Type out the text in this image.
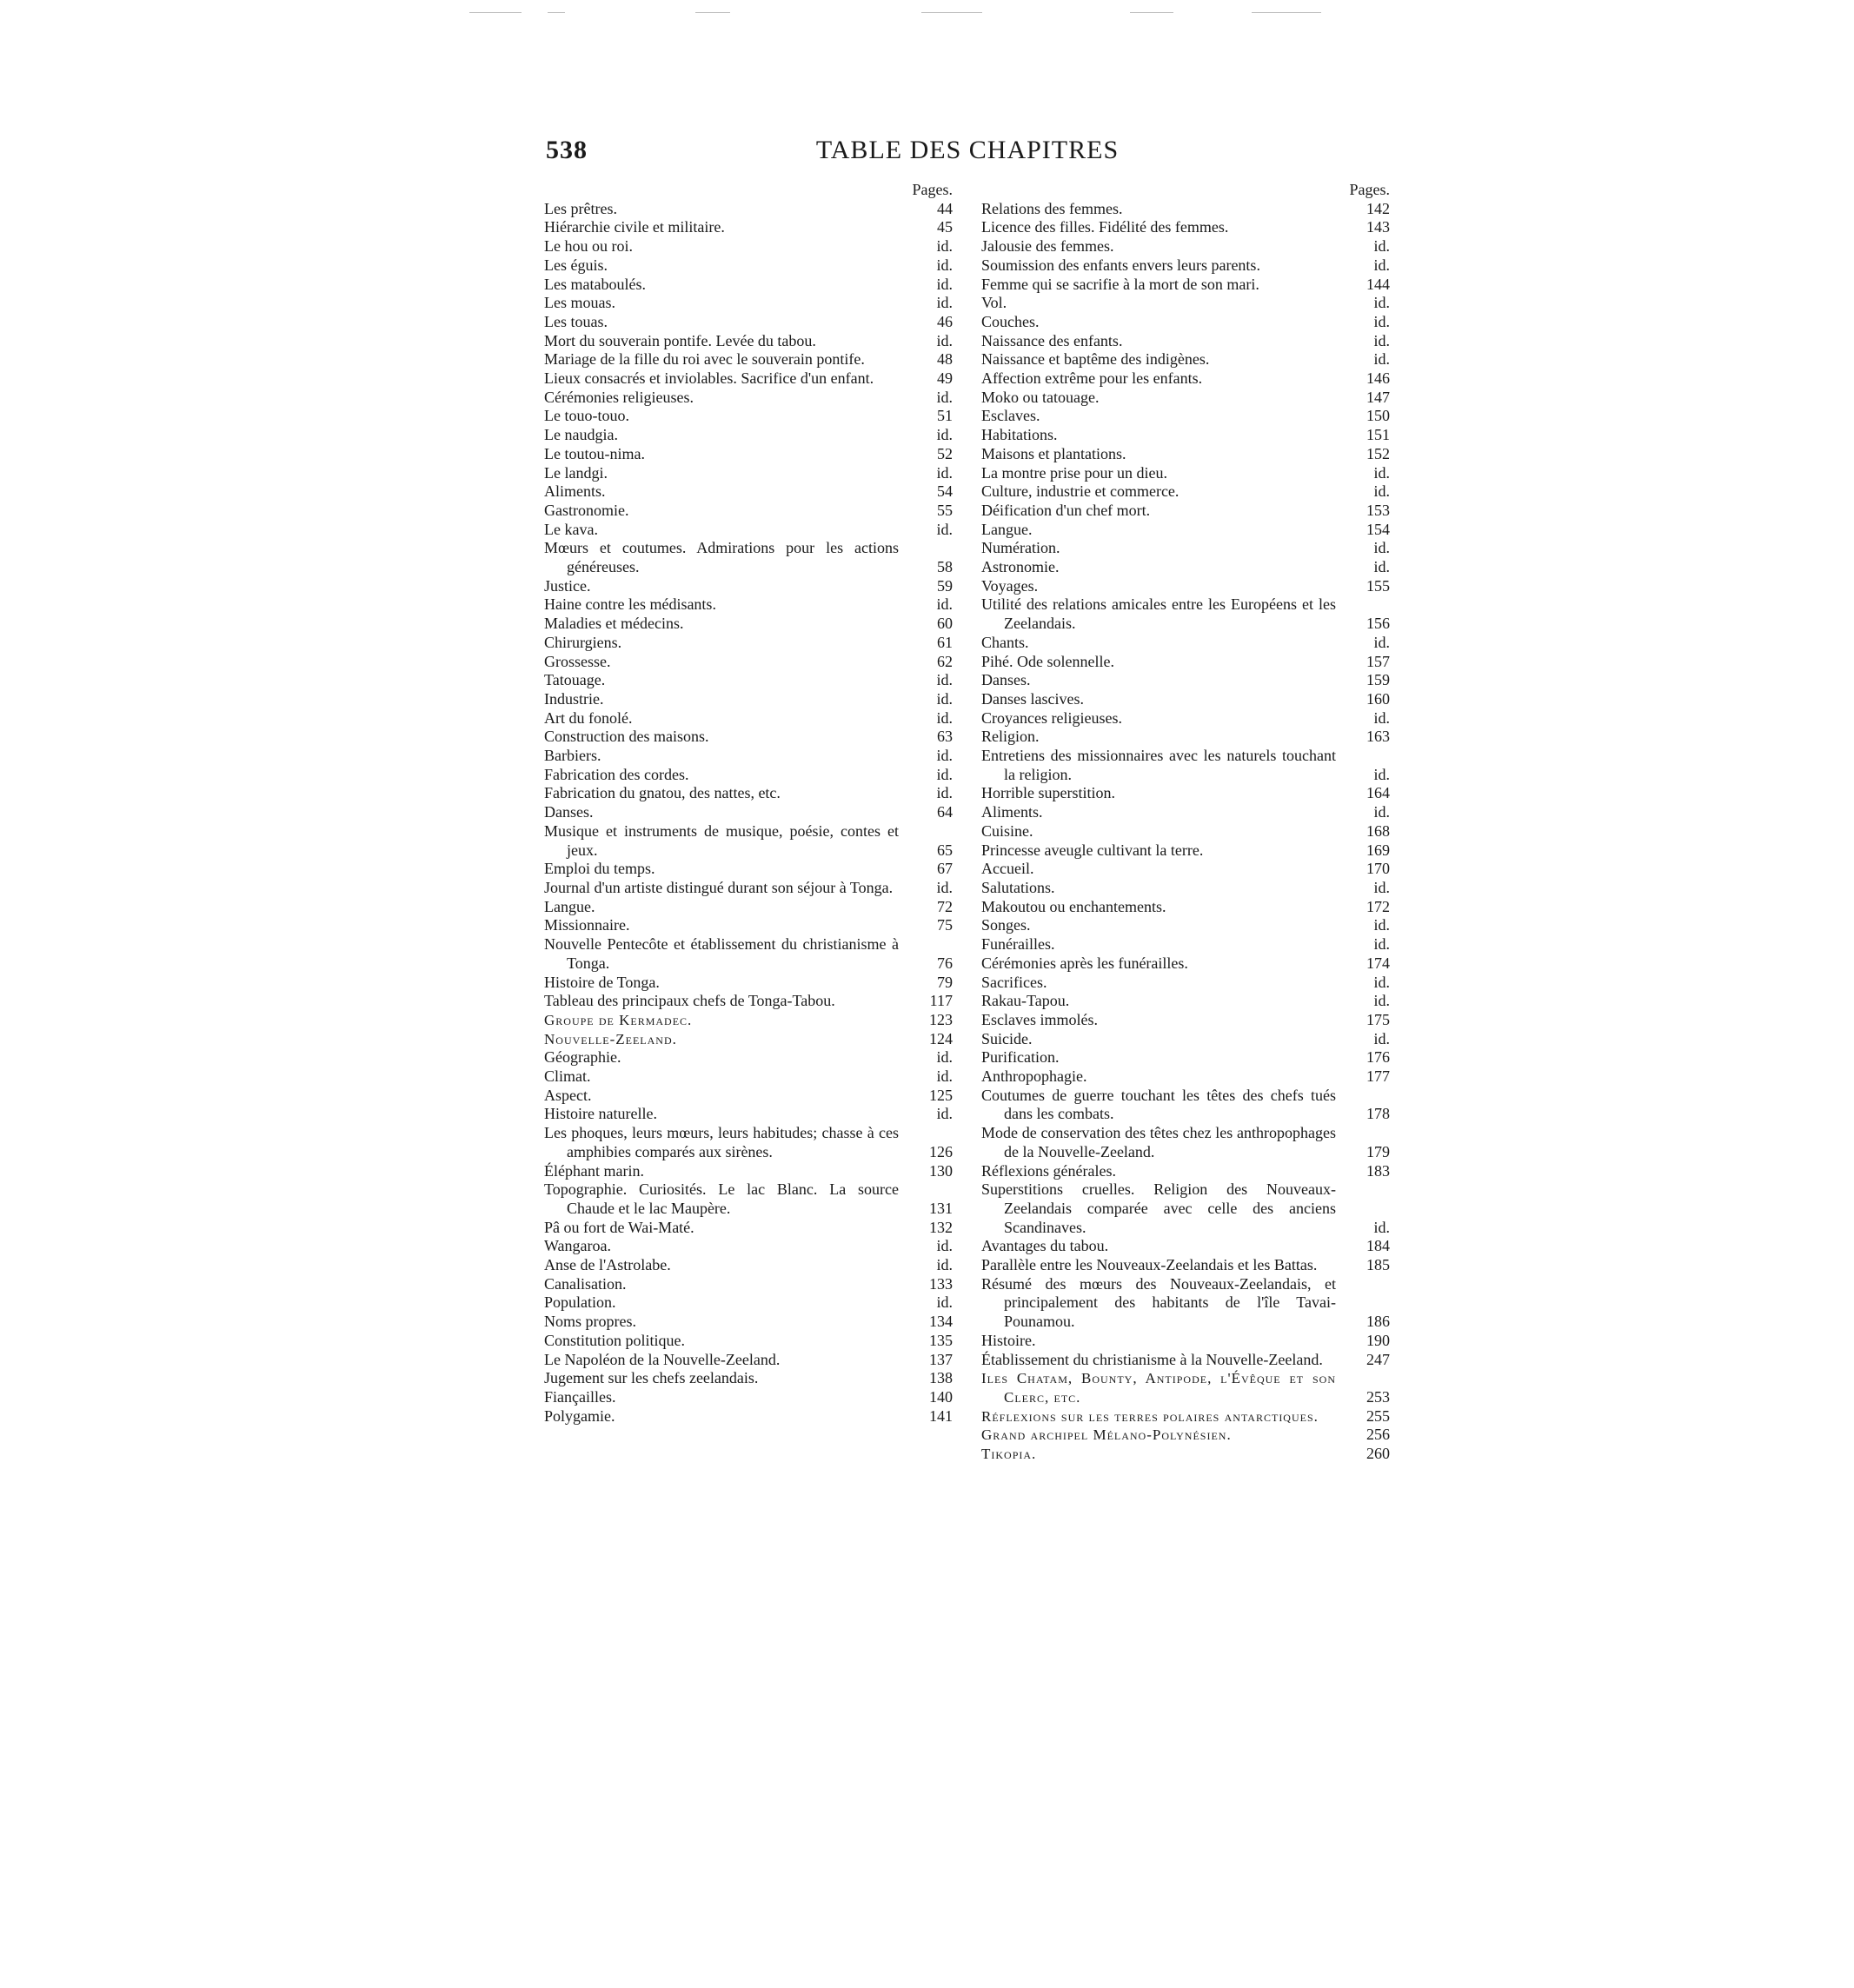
538	TABLE DES CHAPITRES
Pages.
Les prêtres.	44
Hiérarchie civile et militaire.	45
Le hou ou roi.	id.
Les éguis.	id.
Les mataboulés.	id.
Les mouas.	id.
Les touas.	46
Mort du souverain pontife. Levée du tabou.	id.
Mariage de la fille du roi avec le souverain pontife.	48
Lieux consacrés et inviolables. Sacrifice d'un enfant.	49
Cérémonies religieuses.	id.
Le touo-touo.	51
Le naudgia.	id.
Le toutou-nima.	52
Le landgi.	id.
Aliments.	54
Gastronomie.	55
Le kava.	id.
Mœurs et coutumes. Admirations pour les actions généreuses.	58
Justice.	59
Haine contre les médisants.	id.
Maladies et médecins.	60
Chirurgiens.	61
Grossesse.	62
Tatouage.	id.
Industrie.	id.
Art du fonolé.	id.
Construction des maisons.	63
Barbiers.	id.
Fabrication des cordes.	id.
Fabrication du gnatou, des nattes, etc.	id.
Danses.	64
Musique et instruments de musique, poésie, contes et jeux.	65
Emploi du temps.	67
Journal d'un artiste distingué durant son séjour à Tonga.	id.
Langue.	72
Missionnaire.	75
Nouvelle Pentecôte et établissement du christianisme à Tonga.	76
Histoire de Tonga.	79
Tableau des principaux chefs de Tonga-Tabou.	117
Groupe de Kermadec.	123
Nouvelle-Zeeland.	124
Géographie.	id.
Climat.	id.
Aspect.	125
Histoire naturelle.	id.
Les phoques, leurs mœurs, leurs habitudes; chasse à ces amphibies comparés aux sirènes.	126
Éléphant marin.	130
Topographie. Curiosités. Le lac Blanc. La source Chaude et le lac Maupère.	131
Pâ ou fort de Wai-Maté.	132
Wangaroa.	id.
Anse de l'Astrolabe.	id.
Canalisation.	133
Population.	id.
Noms propres.	134
Constitution politique.	135
Le Napoléon de la Nouvelle-Zeeland.	137
Jugement sur les chefs zeelandais.	138
Fiançailles.	140
Polygamie.	141
Pages.
Relations des femmes.	142
Licence des filles. Fidélité des femmes.	143
Jalousie des femmes.	id.
Soumission des enfants envers leurs parents.	id.
Femme qui se sacrifie à la mort de son mari.	144
Vol.	id.
Couches.	id.
Naissance des enfants.	id.
Naissance et baptême des indigènes.	id.
Affection extrême pour les enfants.	146
Moko ou tatouage.	147
Esclaves.	150
Habitations.	151
Maisons et plantations.	152
La montre prise pour un dieu.	id.
Culture, industrie et commerce.	id.
Déification d'un chef mort.	153
Langue.	154
Numération.	id.
Astronomie.	id.
Voyages.	155
Utilité des relations amicales entre les Européens et les Zeelandais.	156
Chants.	id.
Pihé. Ode solennelle.	157
Danses.	159
Danses lascives.	160
Croyances religieuses.	id.
Religion.	163
Entretiens des missionnaires avec les naturels touchant la religion.	id.
Horrible superstition.	164
Aliments.	id.
Cuisine.	168
Princesse aveugle cultivant la terre.	169
Accueil.	170
Salutations.	id.
Makoutou ou enchantements.	172
Songes.	id.
Funérailles.	id.
Cérémonies après les funérailles.	174
Sacrifices.	id.
Rakau-Tapou.	id.
Esclaves immolés.	175
Suicide.	id.
Purification.	176
Anthropophagie.	177
Coutumes de guerre touchant les têtes des chefs tués dans les combats.	178
Mode de conservation des têtes chez les anthropophages de la Nouvelle-Zeeland.	179
Réflexions générales.	183
Superstitions cruelles. Religion des Nouveaux-Zeelandais comparée avec celle des anciens Scandinaves.	id.
Avantages du tabou.	184
Parallèle entre les Nouveaux-Zeelandais et les Battas.	185
Résumé des mœurs des Nouveaux-Zeelandais, et principalement des habitants de l'île Tavai-Pounamou.	186
Histoire.	190
Établissement du christianisme à la Nouvelle-Zeeland.	247
Iles Chatam, Bounty, Antipode, l'Évêque et son Clerc, etc.	253
Réflexions sur les terres polaires antarctiques.	255
Grand archipel Mélano-Polynésien.	256
Tikopia.	260
